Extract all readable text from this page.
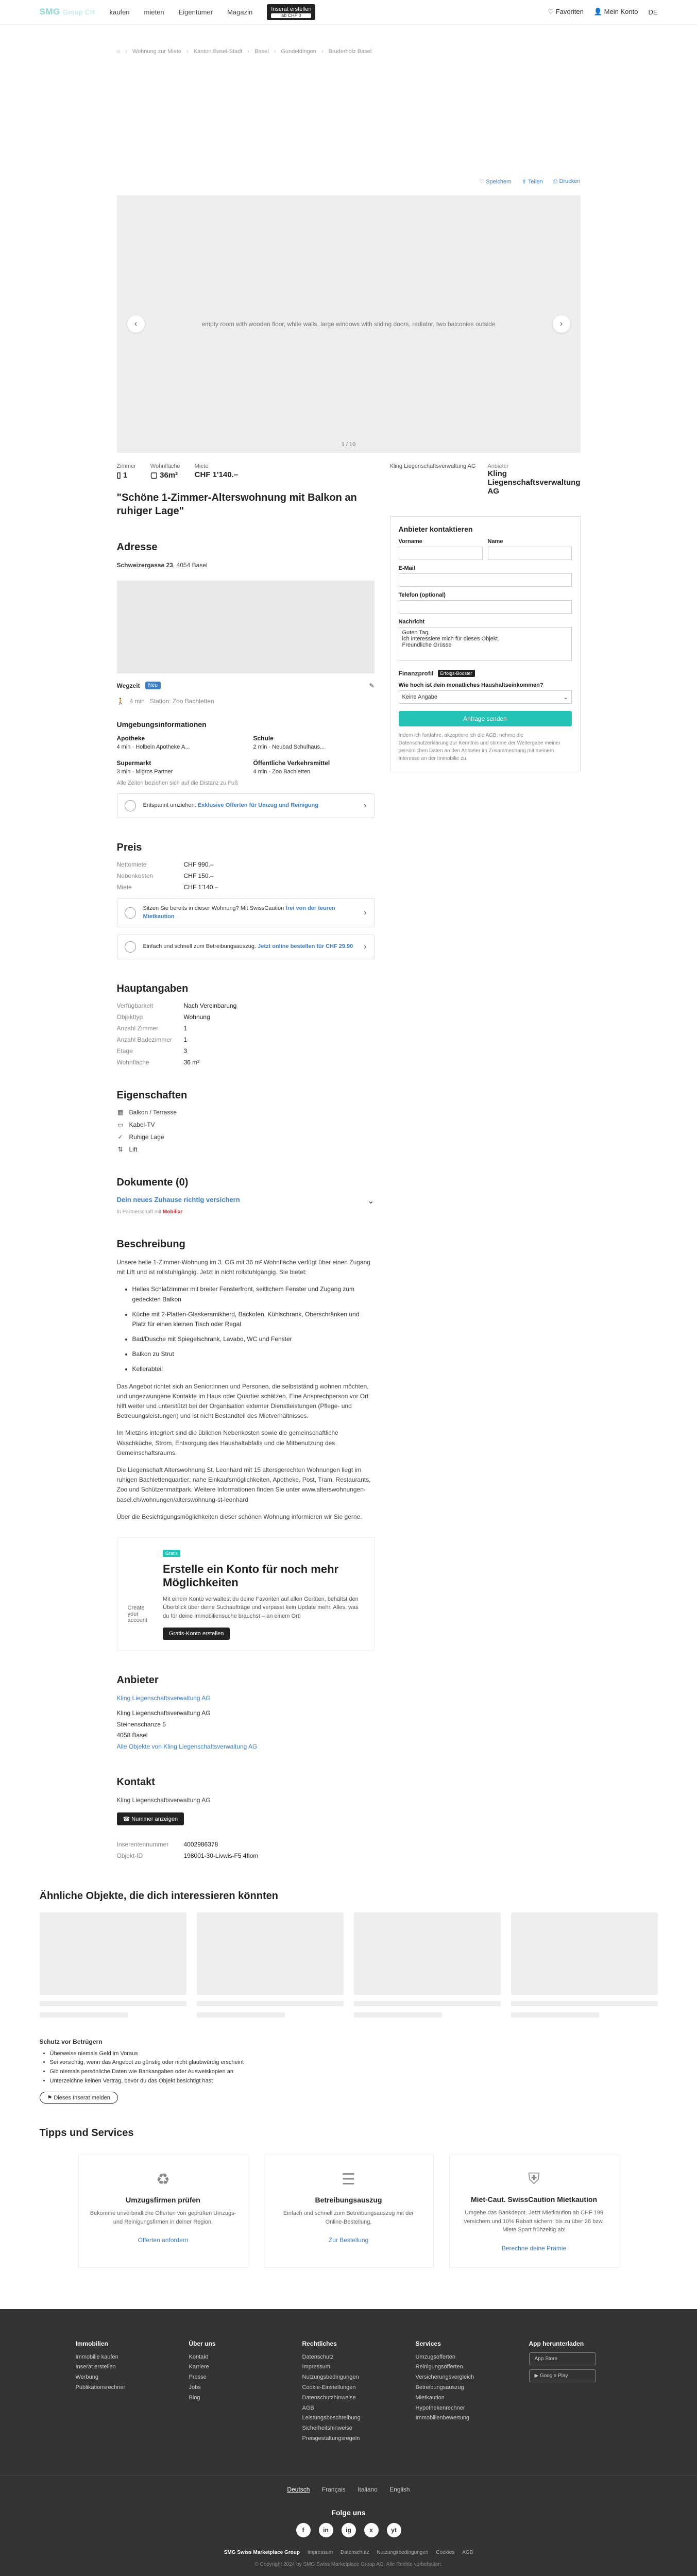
SMG Group CH kaufen mieten Eigentümer Magazin	Inserat erstellen
ab CHF 0	♡ Favoriten 👤 Mein Konto DE
⌂ › Wohnung zur Miete › Kanton Basel-Stadt › Basel › Gundeldingen › Bruderholz Basel
♡ Speichern ⇪ Teilen ⎙ Drucken
‹	empty room with wooden floor, white walls, large windows with sliding doors, radiator, two balconies outside	›
1 / 10
Zimmer
▯ 1
Wohnfläche
▢ 36m²
Miete
CHF 1'140.–
"Schöne 1-Zimmer-Alterswohnung mit Balkon an ruhiger Lage"
Adresse
Schweizergasse 23, 4054 Basel
Wegzeit	Neu	✎
🚶 4 min Station: Zoo Bachletten
Umgebungsinformationen
Apotheke
4 min · Holbein Apotheke A...
Schule
2 min · Neubad Schulhaus...
Supermarkt
3 min · Migros Partner
Öffentliche Verkehrsmittel
4 min · Zoo Bachletten
Alle Zeiten beziehen sich auf die Distanz zu Fuß
Entspannt umziehen: Exklusive Offerten für Umzug und Reinigung	›
Preis
Nettomiete	CHF 990.–
Nebenkosten	CHF 150.–
Miete	CHF 1'140.–
Sitzen Sie bereits in dieser Wohnung? Mit SwissCaution frei von der teuren Mietkaution	›
Einfach und schnell zum Betreibungsauszug. Jetzt online bestellen für CHF 29.90	›
Hauptangaben
Verfügbarkeit	Nach Vereinbarung
Objekttyp	Wohnung
Anzahl Zimmer	1
Anzahl Badezimmer	1
Etage	3
Wohnfläche	36 m²
Eigenschaften
▦ Balkon / Terrasse
▭ Kabel-TV
✓ Ruhige Lage
⇅ Lift
Dokumente (0)
Dein neues Zuhause richtig versichern	⌄
In Partnerschaft mit Mobiliar
Beschreibung

Unsere helle 1-Zimmer-Wohnung im 3. OG mit 36 m² Wohnfläche verfügt über einen Zugang mit Lift und ist rollstuhlgängig. Jetzt in nicht rollstuhlgängig. Sie bietet:

• Helles Schlafzimmer mit breiter Fensterfront, seitlichem Fenster und Zugang zum gedeckten Balkon
• Küche mit 2-Platten-Glaskeramikherd, Backofen, Kühlschrank, Oberschränken und Platz für einen kleinen Tisch oder Regal
• Bad/Dusche mit Spiegelschrank, Lavabo, WC und Fenster
• Balkon zu Strut
• Kellerabteil

Das Angebot richtet sich an Senior:innen und Personen, die selbstständig wohnen möchten, und ungezwungene Kontakte im Haus oder Quartier schätzen. Eine Ansprechperson vor Ort hilft weiter und unterstützt bei der Organisation externer Dienstleistungen (Pflege- und Betreuungsleistungen) und ist nicht Bestandteil des Mietverhältnisses.

Im Mietzins integriert sind die üblichen Nebenkosten sowie die gemeinschaftliche Waschküche, Strom, Entsorgung des Haushaltabfalls und die Mitbenutzung des Gemeinschaftsraums.

Die Liegenschaft Alterswohnung St. Leonhard mit 15 altersgerechten Wohnungen liegt im ruhigen Bachlettenquartier; nahe Einkaufsmöglichkeiten, Apotheke, Post, Tram, Restaurants, Zoo und Schützenmattpark. Weitere Informationen finden Sie unter www.alterswohnungen-basel.ch/wohnungen/alterswohnung-st-leonhard

Über die Besichtigungsmöglichkeiten dieser schönen Wohnung informieren wir Sie gerne.

Create your account
Gratis
Erstelle ein Konto für noch mehr Möglichkeiten

Mit einem Konto verwaltest du deine Favoriten auf allen Geräten, behältst den Überblick über deine Suchaufträge und verpasst kein Update mehr. Alles, was du für deine Immobiliensuche brauchst – an einem Ort!

Gratis-Konto erstellen
Anbieter
Kling Liegenschaftsverwaltung AG
Kling Liegenschaftsverwaltung AG
Steinenschanze 5
4058 Basel
Alle Objekte von Kling Liegenschaftsverwaltung AG
Kontakt
Kling Liegenschaftsverwaltung AG
☎ Nummer anzeigen
Inserentennummer	4002986378
Objekt-ID	198001-30-Livwis-F5 4flom
Kling Liegenschaftsverwaltung AG Anbieter
Kling Liegenschaftsverwaltung AG
Anbieter kontaktieren
Vorname	Name
E-Mail
Telefon (optional)
Nachricht
Guten Tag, ich interessiere mich für dieses Objekt. Freundliche Grüsse
Finanzprofil	Erfolgs-Booster
Wie hoch ist dein monatliches Haushaltseinkommen?
Keine Angabe	⌄
Anfrage senden

Indem ich fortfahre, akzeptiere ich die AGB, nehme die Datenschutzerklärung zur Kenntnis und stimme der Weitergabe meiner persönlichen Daten an den Anbieter im Zusammenhang mit meinem Interesse an der Immobilie zu.

Ähnliche Objekte, die dich interessieren könnten
Schutz vor Betrügern
• Überweise niemals Geld im Voraus
• Sei vorsichtig, wenn das Angebot zu günstig oder nicht glaubwürdig erscheint
• Gib niemals persönliche Daten wie Bankangaben oder Ausweiskopien an
• Unterzeichne keinen Vertrag, bevor du das Objekt besichtigt hast
⚑ Dieses Inserat melden
Tipps und Services
♻
Umzugsfirmen prüfen

Bekomme unverbindliche Offerten von geprüften Umzugs- und Reinigungsfirmen in deiner Region.

Offerten anfordern
☰
Betreibungsauszug

Einfach und schnell zum Betreibungsauszug mit der Online-Bestellung.

Zur Bestellung
⛨
Miet-Caut. SwissCaution Mietkaution

Umgehe das Bankdepot. Jetzt Mietkaution ab CHF 199 versichern und 10% Rabatt sichern: bis zu über 28 bzw. Miete Spart frühzeitig ab!

Berechne deine Prämie
Immobilien
Immobilie kaufen
Inserat erstellen
Werbung
Publikationsrechner
Über uns
Kontakt
Karriere
Presse
Jobs
Blog
Rechtliches
Datenschutz
Impressum
Nutzungsbedingungen
Cookie-Einstellungen
Datenschutzhinweise
AGB
Leistungsbeschreibung
Sicherheitshinweise
Preisgestaltungsregeln
Services
Umzugsofferten
Reinigungsofferten
Versicherungsvergleich
Betreibungsauszug
Mietkaution
Hypothekenrechner
Immobilienbewertung
App herunterladen
App Store
▶ Google Play
Deutsch Français Italiano English
Folge uns
f	in	ig	x	yt
SMG Swiss Marketplace Group Impressum Datenschutz Nutzungsbedingungen Cookies AGB
© Copyright 2024 by SMG Swiss Marketplace Group AG. Alle Rechte vorbehalten.
